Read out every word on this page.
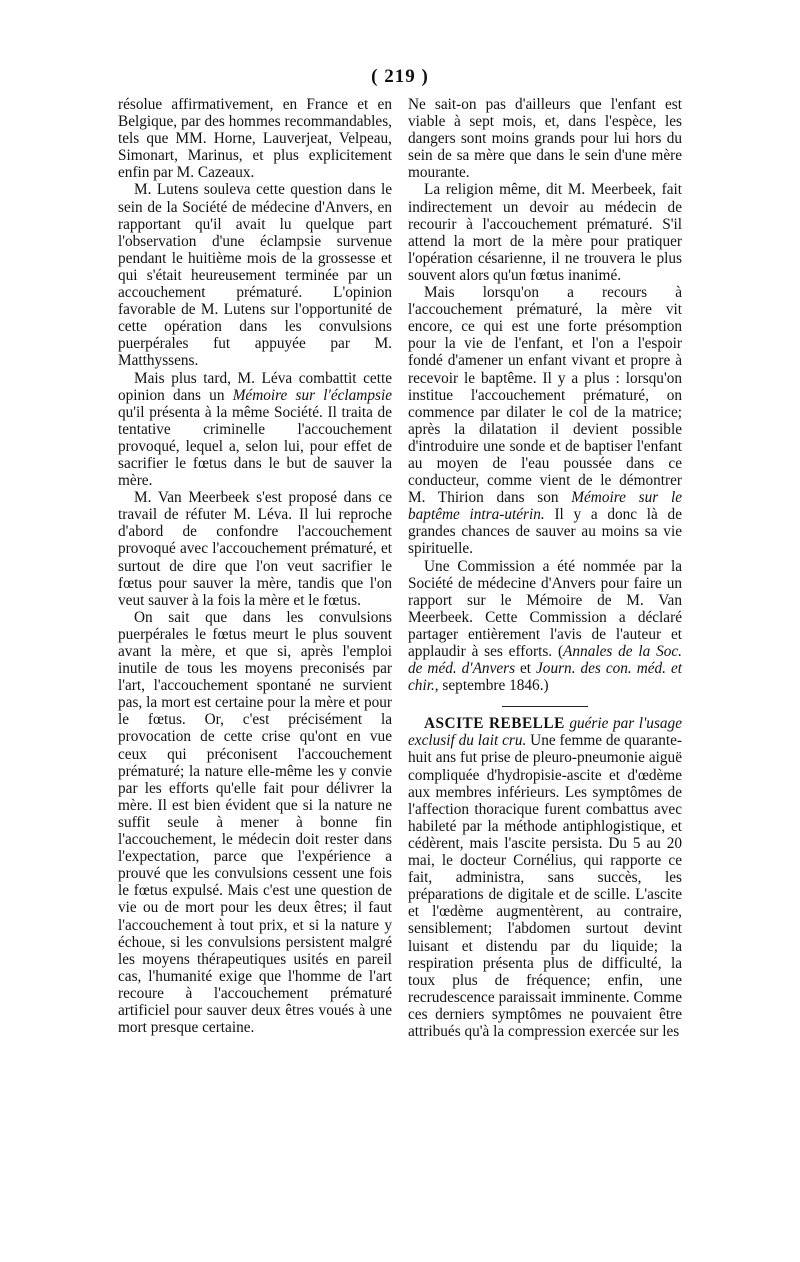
( 219 )

résolue affirmativement, en France et en Belgique, par des hommes recommandables, tels que MM. Horne, Lauverjeat, Velpeau, Simonart, Marinus, et plus explicitement enfin par M. Cazeaux.

M. Lutens souleva cette question dans le sein de la Société de médecine d'Anvers, en rapportant qu'il avait lu quelque part l'observation d'une éclampsie survenue pendant le huitième mois de la grossesse et qui s'était heureusement terminée par un accouchement prématuré. L'opinion favorable de M. Lutens sur l'opportunité de cette opération dans les convulsions puerpérales fut appuyée par M. Matthyssens.

Mais plus tard, M. Léva combattit cette opinion dans un Mémoire sur l'éclampsie qu'il présenta à la même Société. Il traita de tentative criminelle l'accouchement provoqué, lequel a, selon lui, pour effet de sacrifier le fœtus dans le but de sauver la mère.

M. Van Meerbeek s'est proposé dans ce travail de réfuter M. Léva. Il lui reproche d'abord de confondre l'accouchement provoqué avec l'accouchement prématuré, et surtout de dire que l'on veut sacrifier le fœtus pour sauver la mère, tandis que l'on veut sauver à la fois la mère et le fœtus.

On sait que dans les convulsions puerpérales le fœtus meurt le plus souvent avant la mère, et que si, après l'emploi inutile de tous les moyens preconisés par l'art, l'accouchement spontané ne survient pas, la mort est certaine pour la mère et pour le fœtus. Or, c'est précisément la provocation de cette crise qu'ont en vue ceux qui préconisent l'accouchement prématuré; la nature elle-même les y convie par les efforts qu'elle fait pour délivrer la mère. Il est bien évident que si la nature ne suffit seule à mener à bonne fin l'accouchement, le médecin doit rester dans l'expectation, parce que l'expérience a prouvé que les convulsions cessent une fois le fœtus expulsé. Mais c'est une question de vie ou de mort pour les deux êtres; il faut l'accouchement à tout prix, et si la nature y échoue, si les convulsions persistent malgré les moyens thérapeutiques usités en pareil cas, l'humanité exige que l'homme de l'art recoure à l'accouchement prématuré artificiel pour sauver deux êtres voués à une mort presque certaine.

Ne sait-on pas d'ailleurs que l'enfant est viable à sept mois, et, dans l'espèce, les dangers sont moins grands pour lui hors du sein de sa mère que dans le sein d'une mère mourante.

La religion même, dit M. Meerbeek, fait indirectement un devoir au médecin de recourir à l'accouchement prématuré. S'il attend la mort de la mère pour pratiquer l'opération césarienne, il ne trouvera le plus souvent alors qu'un fœtus inanimé.

Mais lorsqu'on a recours à l'accouchement prématuré, la mère vit encore, ce qui est une forte présomption pour la vie de l'enfant, et l'on a l'espoir fondé d'amener un enfant vivant et propre à recevoir le baptême. Il y a plus : lorsqu'on institue l'accouchement prématuré, on commence par dilater le col de la matrice; après la dilatation il devient possible d'introduire une sonde et de baptiser l'enfant au moyen de l'eau poussée dans ce conducteur, comme vient de le démontrer M. Thirion dans son Mémoire sur le baptême intra-utérin. Il y a donc là de grandes chances de sauver au moins sa vie spirituelle.

Une Commission a été nommée par la Société de médecine d'Anvers pour faire un rapport sur le Mémoire de M. Van Meerbeek. Cette Commission a déclaré partager entièrement l'avis de l'auteur et applaudir à ses efforts. (Annales de la Soc. de méd. d'Anvers et Journ. des con. méd. et chir., septembre 1846.)

ASCITE REBELLE guérie par l'usage exclusif du lait cru. Une femme de quarante-huit ans fut prise de pleuro-pneumonie aiguë compliquée d'hydropisie-ascite et d'œdème aux membres inférieurs. Les symptômes de l'affection thoracique furent combattus avec habileté par la méthode antiphlogistique, et cédèrent, mais l'ascite persista. Du 5 au 20 mai, le docteur Cornélius, qui rapporte ce fait, administra, sans succès, les préparations de digitale et de scille. L'ascite et l'œdème augmentèrent, au contraire, sensiblement; l'abdomen surtout devint luisant et distendu par du liquide; la respiration présenta plus de difficulté, la toux plus de fréquence; enfin, une recrudescence paraissait imminente. Comme ces derniers symptômes ne pouvaient être attribués qu'à la compression exercée sur les
